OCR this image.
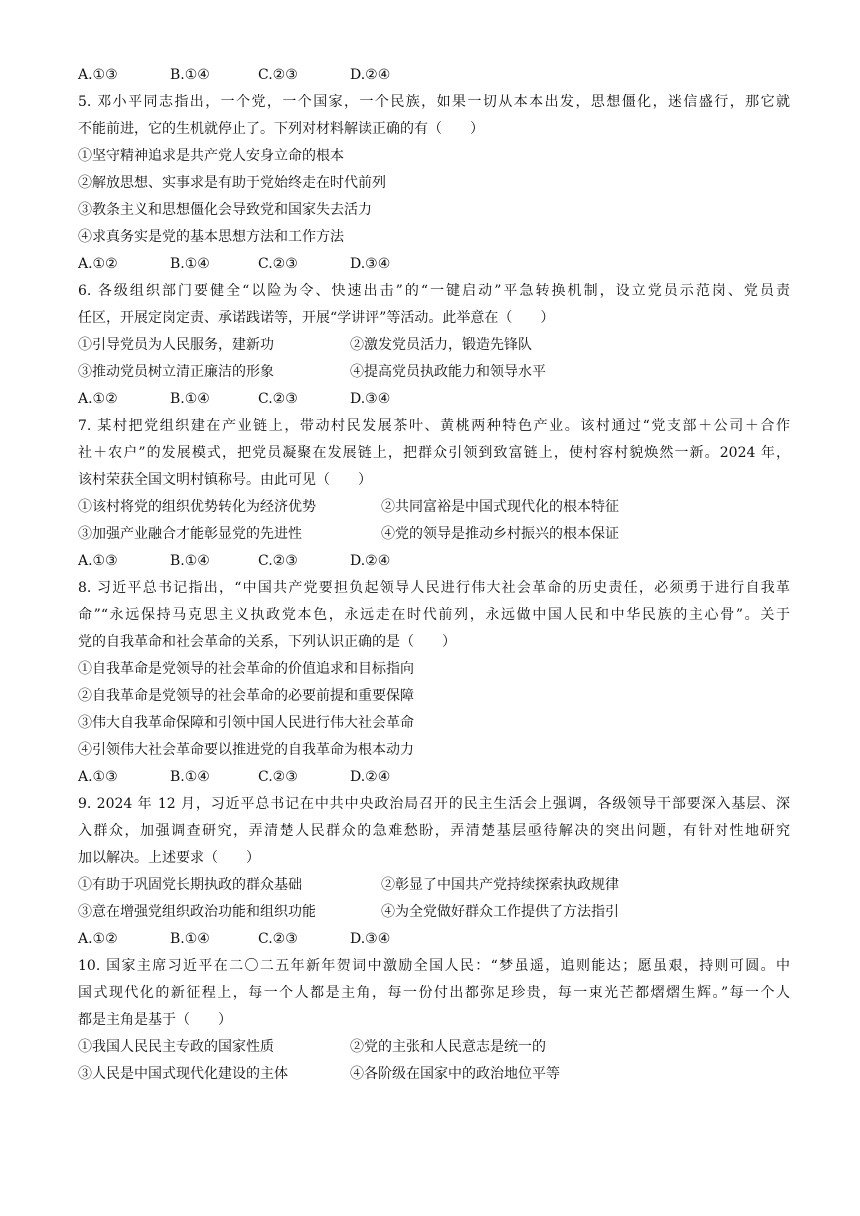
A.①③	B.①④	C.②③	D.②④
5. 邓小平同志指出，一个党，一个国家，一个民族，如果一切从本本出发，思想僵化，迷信盛行，那它就
不能前进，它的生机就停止了。下列对材料解读正确的有（　　）
①坚守精神追求是共产党人安身立命的根本
②解放思想、实事求是有助于党始终走在时代前列
③教条主义和思想僵化会导致党和国家失去活力
④求真务实是党的基本思想方法和工作方法
A.①②	B.①④	C.②③	D.③④
6. 各级组织部门要健全“以险为令、快速出击”的“一键启动”平急转换机制，设立党员示范岗、党员责
任区，开展定岗定责、承诺践诺等，开展“学讲评”等活动。此举意在（　　）
①引导党员为人民服务，建新功	②激发党员活力，锻造先锋队
③推动党员树立清正廉洁的形象	④提高党员执政能力和领导水平
A.①②	B.①④	C.②③	D.③④
7. 某村把党组织建在产业链上，带动村民发展茶叶、黄桃两种特色产业。该村通过“党支部＋公司＋合作
社＋农户”的发展模式，把党员凝聚在发展链上，把群众引领到致富链上，使村容村貌焕然一新。2024 年，
该村荣获全国文明村镇称号。由此可见（　　）
①该村将党的组织优势转化为经济优势	②共同富裕是中国式现代化的根本特征
③加强产业融合才能彰显党的先进性	④党的领导是推动乡村振兴的根本保证
A.①③	B.①④	C.②③	D.②④
8. 习近平总书记指出，“中国共产党要担负起领导人民进行伟大社会革命的历史责任，必须勇于进行自我革
命”“永远保持马克思主义执政党本色，永远走在时代前列，永远做中国人民和中华民族的主心骨”。关于
党的自我革命和社会革命的关系，下列认识正确的是（　　）
①自我革命是党领导的社会革命的价值追求和目标指向
②自我革命是党领导的社会革命的必要前提和重要保障
③伟大自我革命保障和引领中国人民进行伟大社会革命
④引领伟大社会革命要以推进党的自我革命为根本动力
A.①③	B.①④	C.②③	D.②④
9. 2024 年 12 月，习近平总书记在中共中央政治局召开的民主生活会上强调，各级领导干部要深入基层、深
入群众，加强调查研究，弄清楚人民群众的急难愁盼，弄清楚基层亟待解决的突出问题，有针对性地研究
加以解决。上述要求（　　）
①有助于巩固党长期执政的群众基础	②彰显了中国共产党持续探索执政规律
③意在增强党组织政治功能和组织功能	④为全党做好群众工作提供了方法指引
A.①②	B.①④	C.②③	D.③④
10. 国家主席习近平在二〇二五年新年贺词中激励全国人民：“梦虽遥，追则能达；愿虽艰，持则可圆。中
国式现代化的新征程上，每一个人都是主角，每一份付出都弥足珍贵，每一束光芒都熠熠生辉。”每一个人
都是主角是基于（　　）
①我国人民民主专政的国家性质	②党的主张和人民意志是统一的
③人民是中国式现代化建设的主体	④各阶级在国家中的政治地位平等
